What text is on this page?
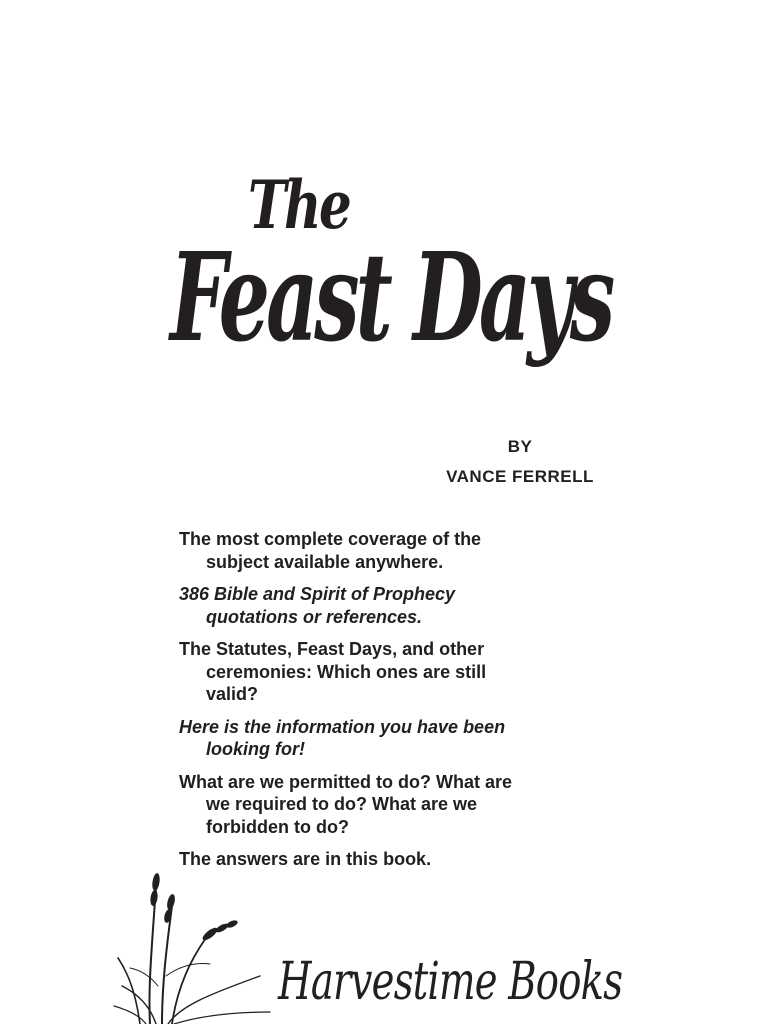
The
Feast Days
BY
VANCE FERRELL

The most complete coverage of the
subject available anywhere.

386 Bible and Spirit of Prophecy
quotations or references.

The Statutes, Feast Days, and other
ceremonies: Which ones are still
valid?

Here is the information you have been
looking for!

What are we permitted to do? What are
we required to do? What are we
forbidden to do?

The answers are in this book.

Harvestime Books
